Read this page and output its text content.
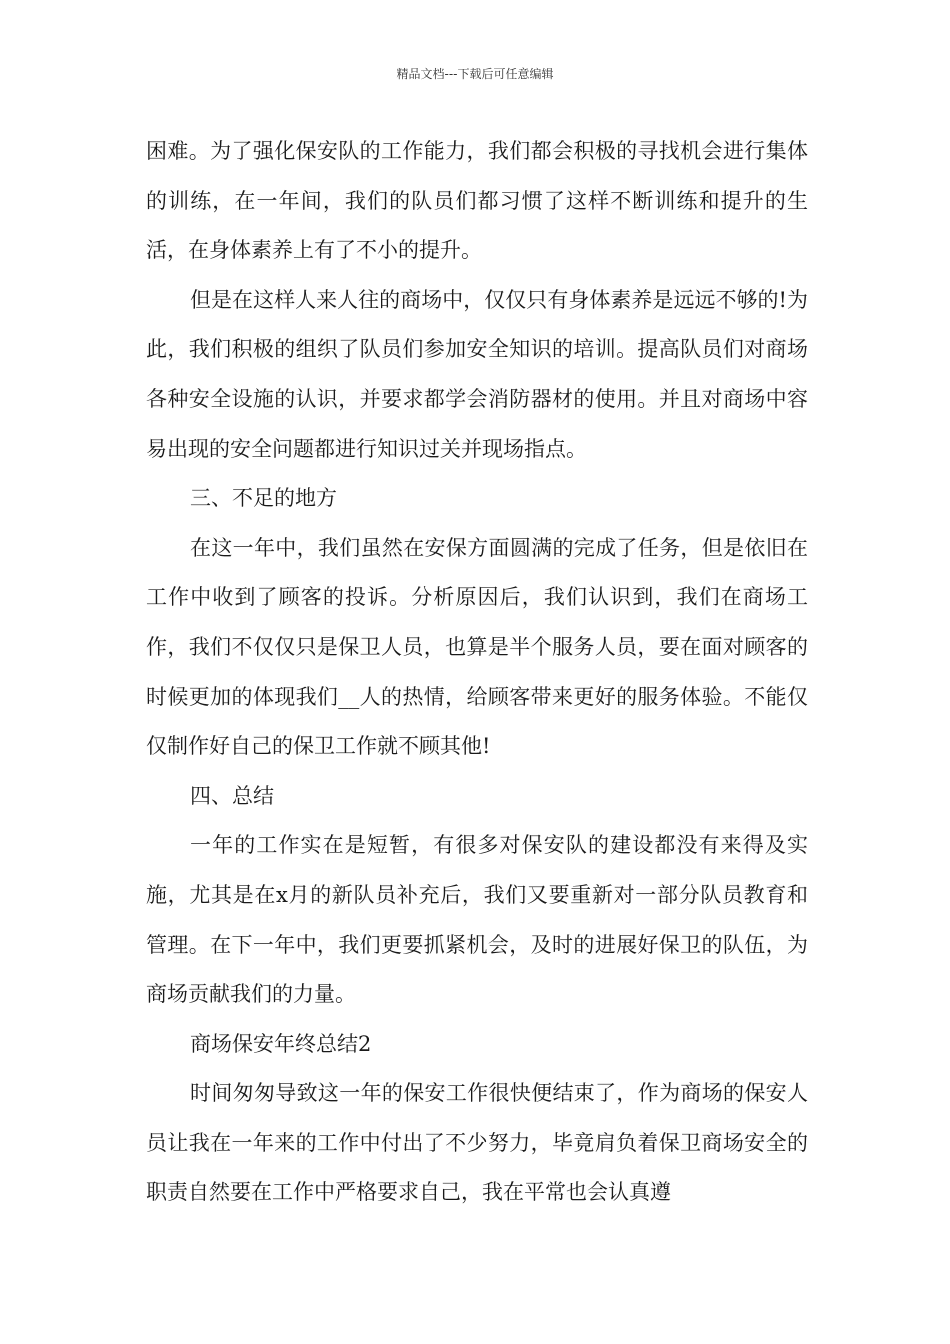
精品文档---下载后可任意编辑

困难。为了强化保安队的工作能力，我们都会积极的寻找机会进行集体的训练，在一年间，我们的队员们都习惯了这样不断训练和提升的生活，在身体素养上有了不小的提升。

但是在这样人来人往的商场中，仅仅只有身体素养是远远不够的!为此，我们积极的组织了队员们参加安全知识的培训。提高队员们对商场各种安全设施的认识，并要求都学会消防器材的使用。并且对商场中容易出现的安全问题都进行知识过关并现场指点。

三、不足的地方

在这一年中，我们虽然在安保方面圆满的完成了任务，但是依旧在工作中收到了顾客的投诉。分析原因后，我们认识到，我们在商场工作，我们不仅仅只是保卫人员，也算是半个服务人员，要在面对顾客的时候更加的体现我们__人的热情，给顾客带来更好的服务体验。不能仅仅制作好自己的保卫工作就不顾其他!

四、总结

一年的工作实在是短暂，有很多对保安队的建设都没有来得及实施，尤其是在x月的新队员补充后，我们又要重新对一部分队员教育和管理。在下一年中，我们更要抓紧机会，及时的进展好保卫的队伍，为商场贡献我们的力量。

商场保安年终总结2

时间匆匆导致这一年的保安工作很快便结束了，作为商场的保安人员让我在一年来的工作中付出了不少努力，毕竟肩负着保卫商场安全的职责自然要在工作中严格要求自己，我在平常也会认真遵
